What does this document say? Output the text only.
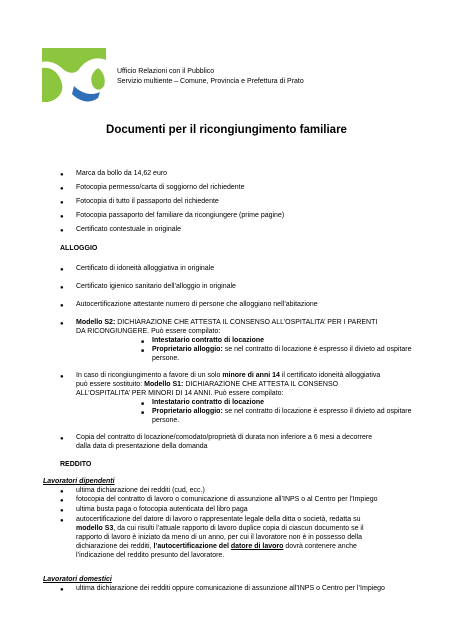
Ufficio Relazioni con il Pubblico
Servizio multiente – Comune, Provincia e Prefettura di Prato
Documenti per il ricongiungimento familiare
● Marca da bollo da 14,62 euro
● Fotocopia permesso/carta di soggiorno del richiedente
● Fotocopia di tutto il passaporto del richiedente
● Fotocopia passaporto del familiare da ricongiungere (prime pagine)
● Certificato contestuale in originale
ALLOGGIO
● Certificato di idoneità alloggiativa in originale
● Certificato igienico sanitario dell’alloggio in originale
● Autocertificazione attestante numero di persone che alloggiano nell’abitazione
● Modello S2: DICHIARAZIONE CHE ATTESTA IL CONSENSO ALL’OSPITALITA’ PER I PARENTI
DA RICONGIUNGERE. Può essere compilato:
■ Intestatario contratto di locazione
■ Proprietario alloggio: se nel contratto di locazione è espresso il divieto ad ospitare
persone.
● In caso di ricongiungimento a favore di un solo minore di anni 14 il certificato idoneità alloggiativa
può essere sostituito: Modello S1: DICHIARAZIONE CHE ATTESTA IL CONSENSO
ALL’OSPITALITA’ PER MINORI DI 14 ANNI. Può essere compilato:
■ Intestatario contratto di locazione
■ Proprietario alloggio: se nel contratto di locazione è espresso il divieto ad ospitare
persone.
● Copia del contratto di locazione/comodato/proprietà di durata non inferiore a 6 mesi a decorrere
dalla data di presentazione della domanda
REDDITO
Lavoratori dipendenti
● ultima dichiarazione dei redditi (cud, ecc.)
● fotocopia del contratto di lavoro o comunicazione di assunzione all’INPS o al Centro per l’Impiego
● ultima busta paga o fotocopia autenticata del libro paga
● autocertificazione del datore di lavoro o rappresentate legale della ditta o società, redatta su
modello S3, da cui risulti l’attuale rapporto di lavoro duplice copia di ciascun documento se il
rapporto di lavoro è iniziato da meno di un anno, per cui il lavoratore non è in possesso della
dichiarazione dei redditi, l’autocertificazione del datore di lavoro dovrà contenere anche
l’indicazione del reddito presunto del lavoratore.
Lavoratori domestici
● ultima dichiarazione dei redditi oppure comunicazione di assunzione all’INPS o Centro per l’Impiego
